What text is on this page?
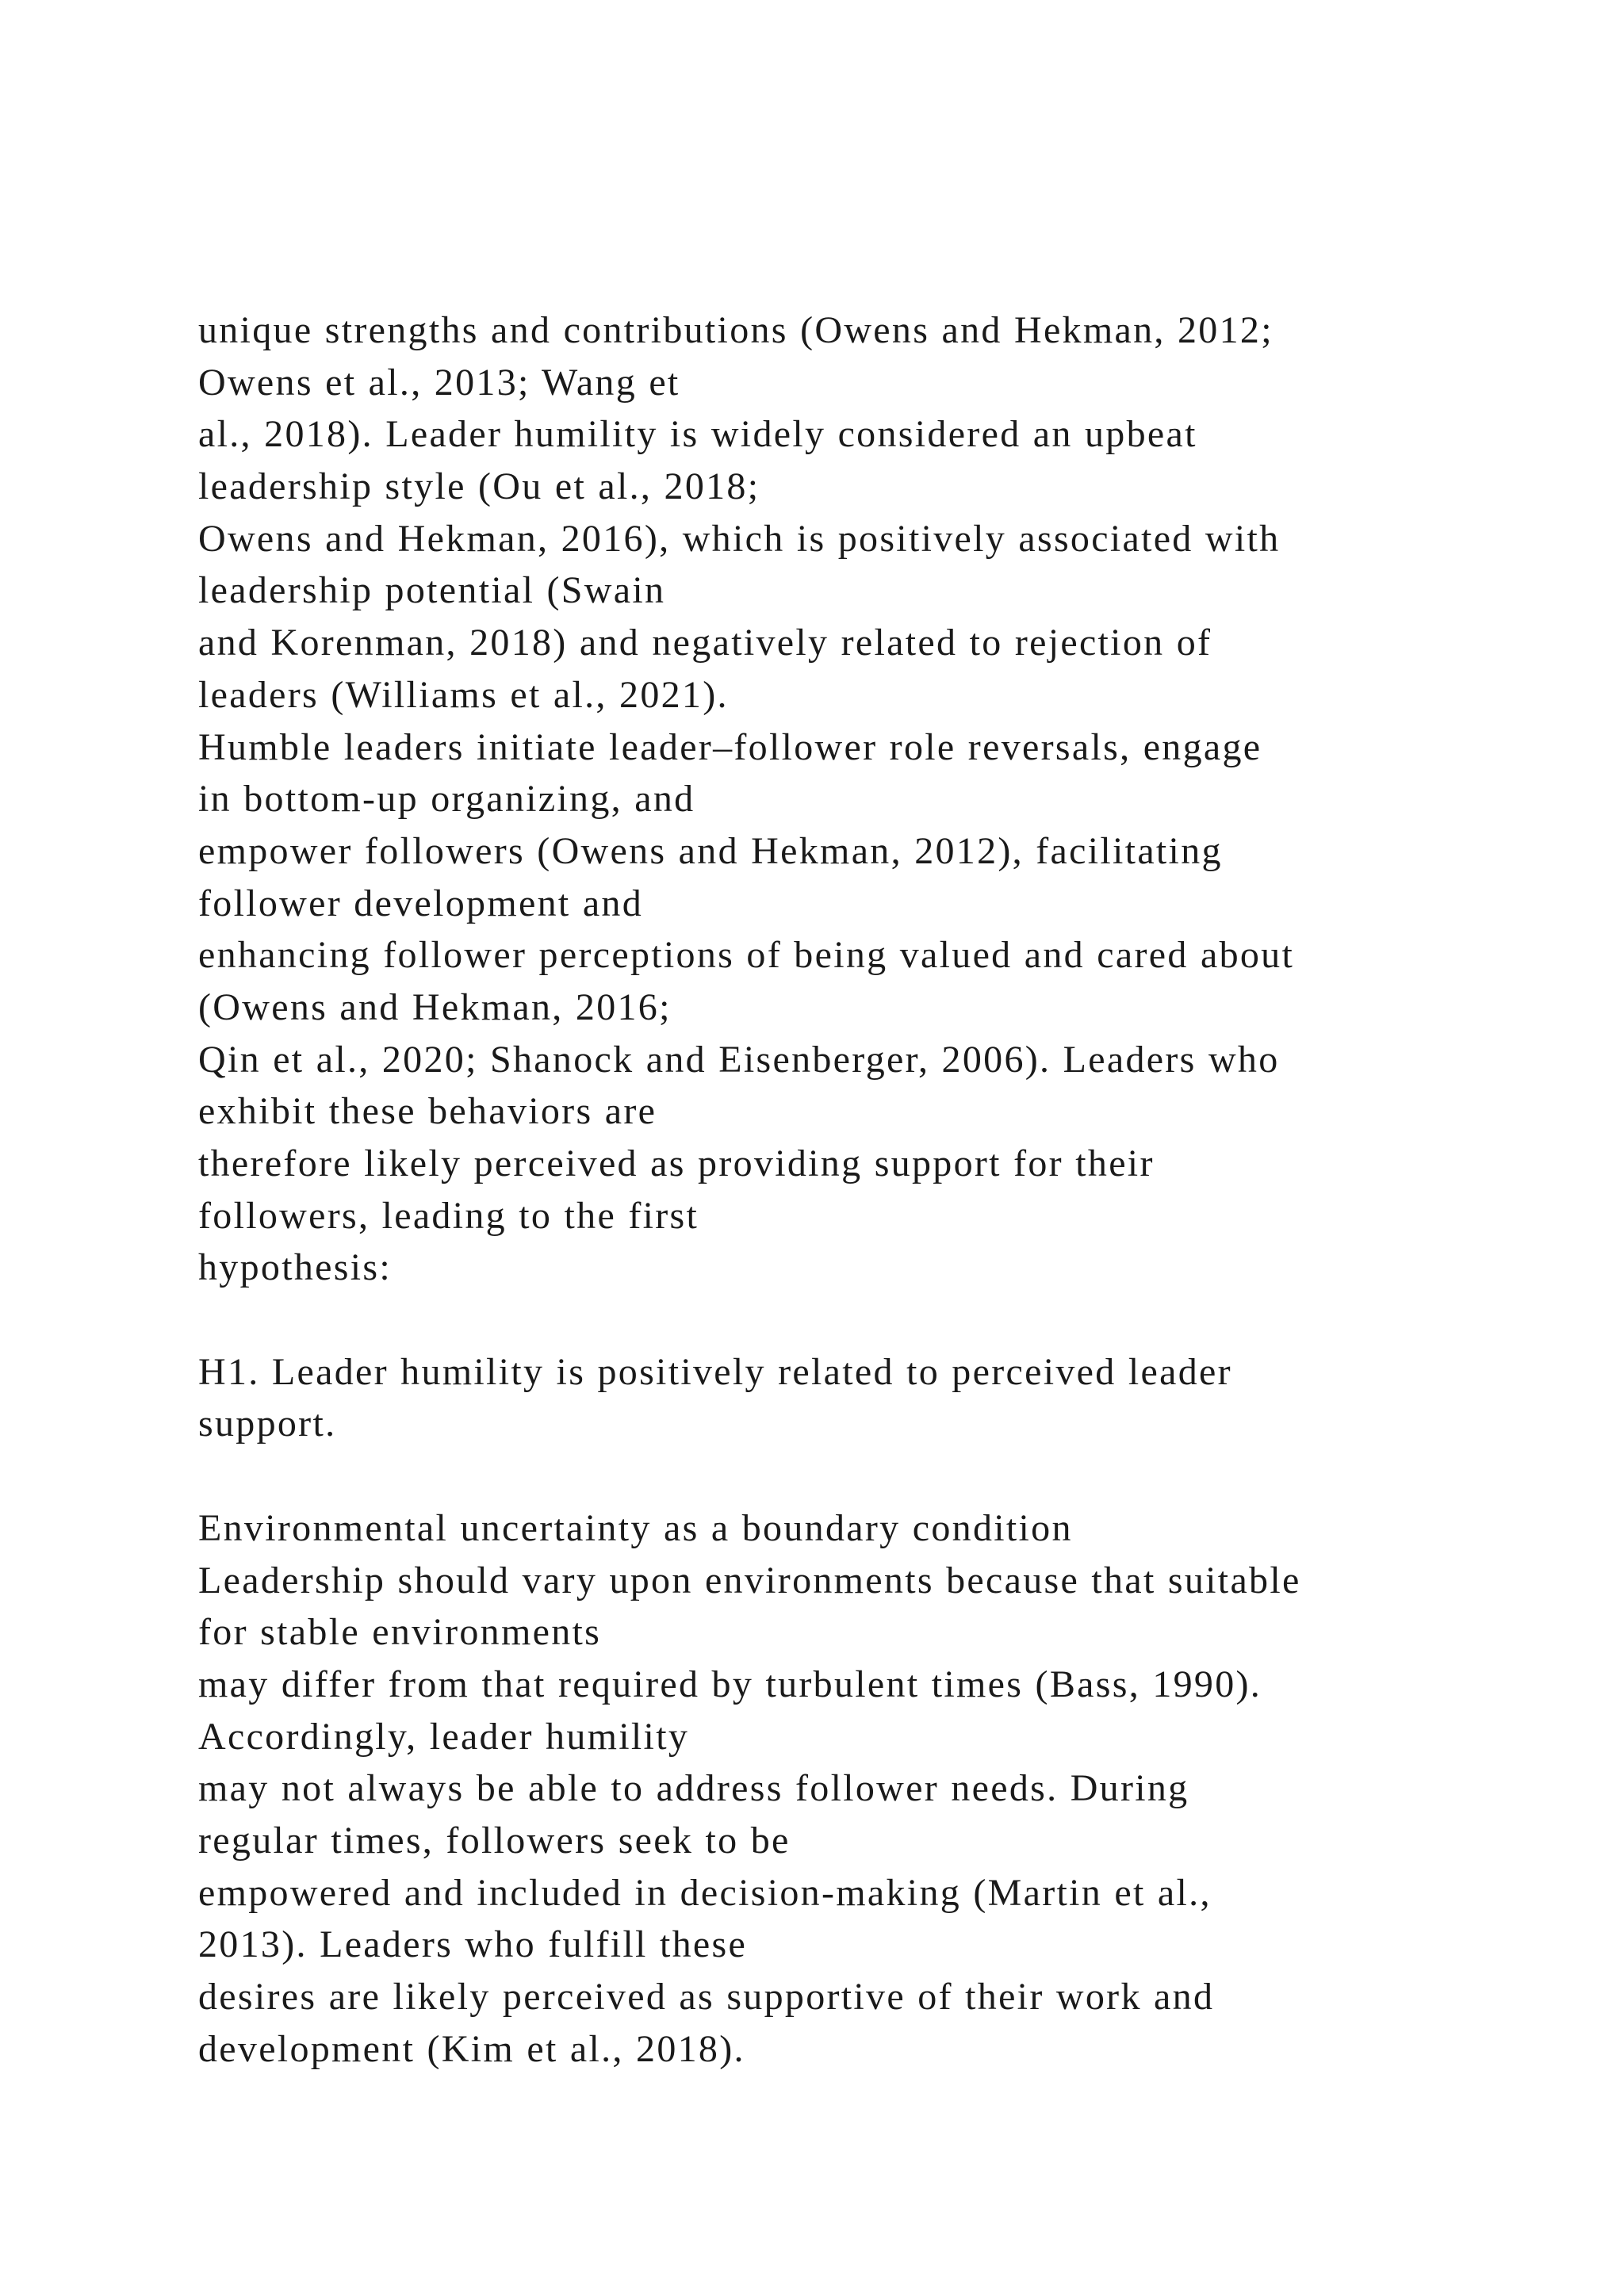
unique strengths and contributions (Owens and Hekman, 2012;
Owens et al., 2013; Wang et
al., 2018). Leader humility is widely considered an upbeat
leadership style (Ou et al., 2018;
Owens and Hekman, 2016), which is positively associated with
leadership potential (Swain
and Korenman, 2018) and negatively related to rejection of
leaders (Williams et al., 2021).
Humble leaders initiate leader–follower role reversals, engage
in bottom-up organizing, and
empower followers (Owens and Hekman, 2012), facilitating
follower development and
enhancing follower perceptions of being valued and cared about
(Owens and Hekman, 2016;
Qin et al., 2020; Shanock and Eisenberger, 2006). Leaders who
exhibit these behaviors are
therefore likely perceived as providing support for their
followers, leading to the first
hypothesis:
H1. Leader humility is positively related to perceived leader
support.
Environmental uncertainty as a boundary condition
Leadership should vary upon environments because that suitable
for stable environments
may differ from that required by turbulent times (Bass, 1990).
Accordingly, leader humility
may not always be able to address follower needs. During
regular times, followers seek to be
empowered and included in decision-making (Martin et al.,
2013). Leaders who fulfill these
desires are likely perceived as supportive of their work and
development (Kim et al., 2018).
